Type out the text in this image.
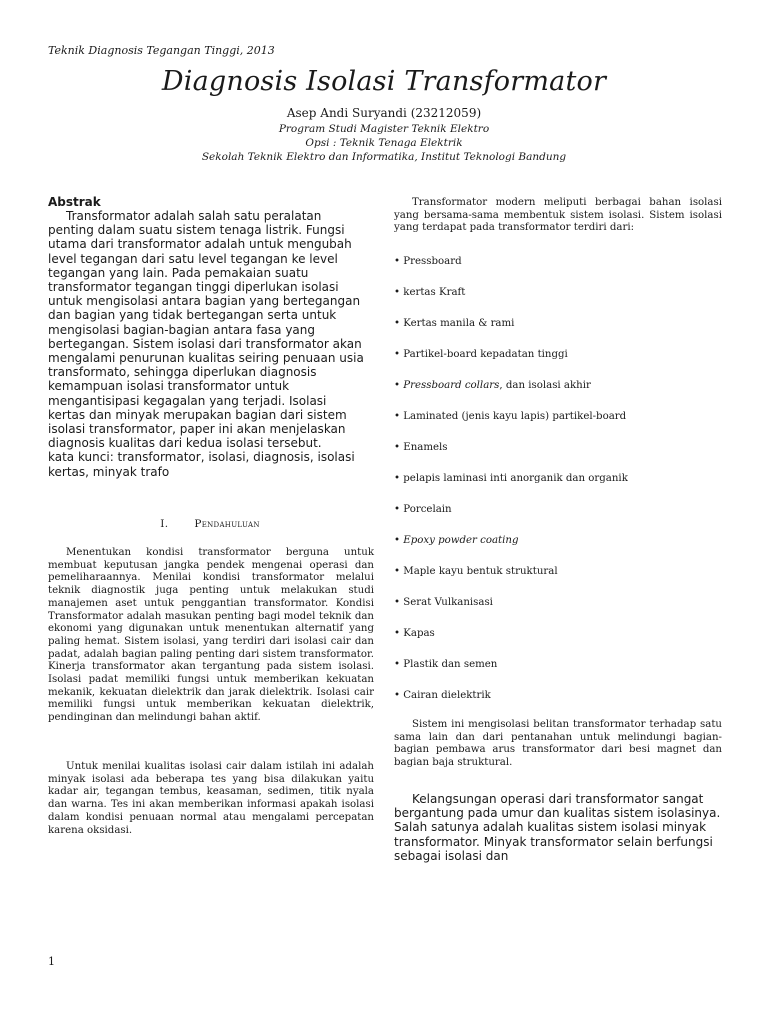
Teknik Diagnosis Tegangan Tinggi, 2013
Diagnosis Isolasi Transformator
Asep Andi Suryandi (23212059)
Program Studi Magister Teknik Elektro
Opsi : Teknik Tenaga Elektrik
Sekolah Teknik Elektro dan Informatika, Institut Teknologi Bandung
Abstrak

Transformator adalah salah satu peralatan penting dalam suatu sistem tenaga listrik. Fungsi utama dari transformator adalah untuk mengubah level tegangan dari satu level tegangan ke level tegangan yang lain. Pada pemakaian suatu transformator tegangan tinggi diperlukan isolasi untuk mengisolasi antara bagian yang bertegangan dan bagian yang tidak bertegangan serta untuk mengisolasi bagian-bagian antara fasa yang bertegangan. Sistem isolasi dari transformator akan mengalami penurunan kualitas seiring penuaan usia transformato, sehingga diperlukan diagnosis kemampuan isolasi transformator untuk mengantisipasi kegagalan yang terjadi. Isolasi kertas dan minyak merupakan bagian dari sistem isolasi transformator, paper ini akan menjelaskan diagnosis kualitas dari kedua isolasi tersebut.
kata kunci: transformator, isolasi, diagnosis, isolasi kertas, minyak trafo

I. Pendahuluan

Menentukan kondisi transformator berguna untuk membuat keputusan jangka pendek mengenai operasi dan pemeliharaannya. Menilai kondisi transformator melalui teknik diagnostik juga penting untuk melakukan studi manajemen aset untuk penggantian transformator. Kondisi Transformator adalah masukan penting bagi model teknik dan ekonomi yang digunakan untuk menentukan alternatif yang paling hemat. Sistem isolasi, yang terdiri dari isolasi cair dan padat, adalah bagian paling penting dari sistem transformator. Kinerja transformator akan tergantung pada sistem isolasi. Isolasi padat memiliki fungsi untuk memberikan kekuatan mekanik, kekuatan dielektrik dan jarak dielektrik. Isolasi cair memiliki fungsi untuk memberikan kekuatan dielektrik, pendinginan dan melindungi bahan aktif.

Untuk menilai kualitas isolasi cair dalam istilah ini adalah minyak isolasi ada beberapa tes yang bisa dilakukan yaitu kadar air, tegangan tembus, keasaman, sedimen, titik nyala dan warna. Tes ini akan memberikan informasi apakah isolasi dalam kondisi penuaan normal atau mengalami percepatan karena oksidasi.

Transformator modern meliputi berbagai bahan isolasi yang bersama-sama membentuk sistem isolasi. Sistem isolasi yang terdapat pada transformator terdiri dari:

• Pressboard
• kertas Kraft
• Kertas manila & rami
• Partikel-board kepadatan tinggi
• Pressboard collars, dan isolasi akhir
• Laminated (jenis kayu lapis) partikel-board
• Enamels
• pelapis laminasi inti anorganik dan organik
• Porcelain
• Epoxy powder coating
• Maple kayu bentuk struktural
• Serat Vulkanisasi
• Kapas
• Plastik dan semen
• Cairan dielektrik

Sistem ini mengisolasi belitan transformator terhadap satu sama lain dan dari pentanahan untuk melindungi bagian-bagian pembawa arus transformator dari besi magnet dan bagian baja struktural.

Kelangsungan operasi dari transformator sangat bergantung pada umur dan kualitas sistem isolasinya. Salah satunya adalah kualitas sistem isolasi minyak transformator. Minyak transformator selain berfungsi sebagai isolasi dan

1
